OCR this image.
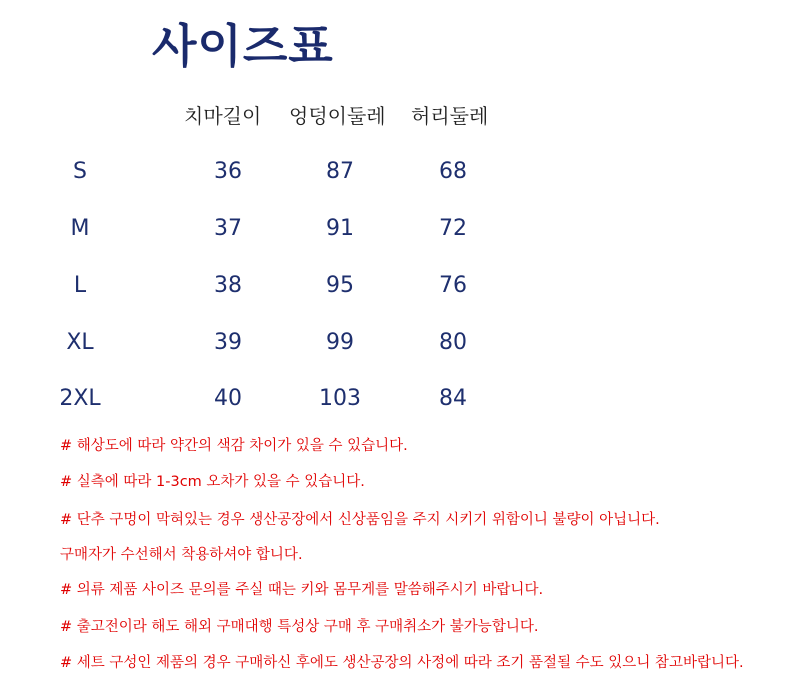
사이즈표
치마길이 엉덩이둘레 허리둘레
S	36	87	68
M	37	91	72
L	38	95	76
XL	39	99	80
2XL	40	103	84
# 해상도에 따라 약간의 색감 차이가 있을 수 있습니다.
# 실측에 따라 1-3cm 오차가 있을 수 있습니다.
# 단추 구멍이 막혀있는 경우 생산공장에서 신상품임을 주지 시키기 위함이니 불량이 아닙니다.
구매자가 수선해서 착용하셔야 합니다.
# 의류 제품 사이즈 문의를 주실 때는 키와 몸무게를 말씀해주시기 바랍니다.
# 출고전이라 해도 해외 구매대행 특성상 구매 후 구매취소가 불가능합니다.
# 세트 구성인 제품의 경우 구매하신 후에도 생산공장의 사정에 따라 조기 품절될 수도 있으니 참고바랍니다.
